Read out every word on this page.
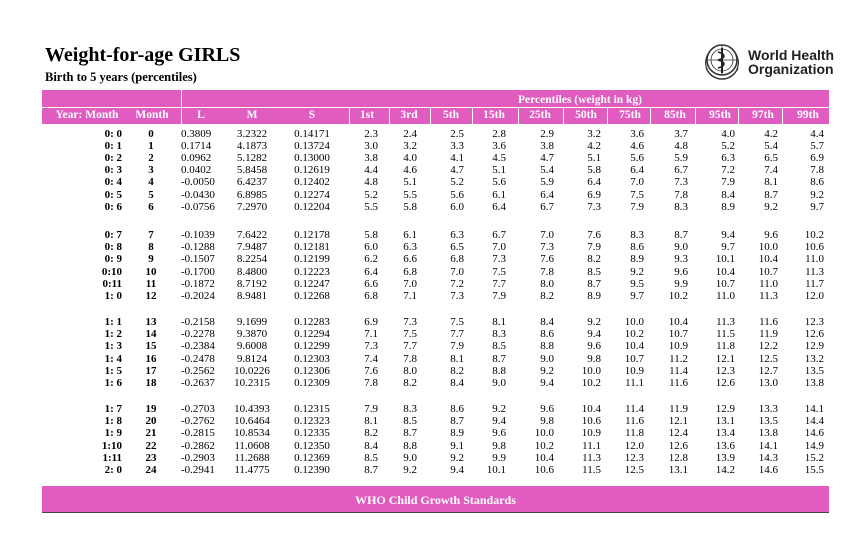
Weight-for-age GIRLS
Birth to 5 years (percentiles)
World Health
Organization
Percentiles (weight in kg)
Year: Month	Month	L	M	S	1st	3rd	5th	15th	25th	50th	75th	85th	95th	97th	99th
0: 0	0	0.3809	3.2322	0.14171	2.3	2.4	2.5	2.8	2.9	3.2	3.6	3.7	4.0	4.2	4.4
0: 1	1	0.1714	4.1873	0.13724	3.0	3.2	3.3	3.6	3.8	4.2	4.6	4.8	5.2	5.4	5.7
0: 2	2	0.0962	5.1282	0.13000	3.8	4.0	4.1	4.5	4.7	5.1	5.6	5.9	6.3	6.5	6.9
0: 3	3	0.0402	5.8458	0.12619	4.4	4.6	4.7	5.1	5.4	5.8	6.4	6.7	7.2	7.4	7.8
0: 4	4	-0.0050	6.4237	0.12402	4.8	5.1	5.2	5.6	5.9	6.4	7.0	7.3	7.9	8.1	8.6
0: 5	5	-0.0430	6.8985	0.12274	5.2	5.5	5.6	6.1	6.4	6.9	7.5	7.8	8.4	8.7	9.2
0: 6	6	-0.0756	7.2970	0.12204	5.5	5.8	6.0	6.4	6.7	7.3	7.9	8.3	8.9	9.2	9.7
0: 7	7	-0.1039	7.6422	0.12178	5.8	6.1	6.3	6.7	7.0	7.6	8.3	8.7	9.4	9.6	10.2
0: 8	8	-0.1288	7.9487	0.12181	6.0	6.3	6.5	7.0	7.3	7.9	8.6	9.0	9.7	10.0	10.6
0: 9	9	-0.1507	8.2254	0.12199	6.2	6.6	6.8	7.3	7.6	8.2	8.9	9.3	10.1	10.4	11.0
0:10	10	-0.1700	8.4800	0.12223	6.4	6.8	7.0	7.5	7.8	8.5	9.2	9.6	10.4	10.7	11.3
0:11	11	-0.1872	8.7192	0.12247	6.6	7.0	7.2	7.7	8.0	8.7	9.5	9.9	10.7	11.0	11.7
1: 0	12	-0.2024	8.9481	0.12268	6.8	7.1	7.3	7.9	8.2	8.9	9.7	10.2	11.0	11.3	12.0
1: 1	13	-0.2158	9.1699	0.12283	6.9	7.3	7.5	8.1	8.4	9.2	10.0	10.4	11.3	11.6	12.3
1: 2	14	-0.2278	9.3870	0.12294	7.1	7.5	7.7	8.3	8.6	9.4	10.2	10.7	11.5	11.9	12.6
1: 3	15	-0.2384	9.6008	0.12299	7.3	7.7	7.9	8.5	8.8	9.6	10.4	10.9	11.8	12.2	12.9
1: 4	16	-0.2478	9.8124	0.12303	7.4	7.8	8.1	8.7	9.0	9.8	10.7	11.2	12.1	12.5	13.2
1: 5	17	-0.2562	10.0226	0.12306	7.6	8.0	8.2	8.8	9.2	10.0	10.9	11.4	12.3	12.7	13.5
1: 6	18	-0.2637	10.2315	0.12309	7.8	8.2	8.4	9.0	9.4	10.2	11.1	11.6	12.6	13.0	13.8
1: 7	19	-0.2703	10.4393	0.12315	7.9	8.3	8.6	9.2	9.6	10.4	11.4	11.9	12.9	13.3	14.1
1: 8	20	-0.2762	10.6464	0.12323	8.1	8.5	8.7	9.4	9.8	10.6	11.6	12.1	13.1	13.5	14.4
1: 9	21	-0.2815	10.8534	0.12335	8.2	8.7	8.9	9.6	10.0	10.9	11.8	12.4	13.4	13.8	14.6
1:10	22	-0.2862	11.0608	0.12350	8.4	8.8	9.1	9.8	10.2	11.1	12.0	12.6	13.6	14.1	14.9
1:11	23	-0.2903	11.2688	0.12369	8.5	9.0	9.2	9.9	10.4	11.3	12.3	12.8	13.9	14.3	15.2
2: 0	24	-0.2941	11.4775	0.12390	8.7	9.2	9.4	10.1	10.6	11.5	12.5	13.1	14.2	14.6	15.5
WHO Child Growth Standards
